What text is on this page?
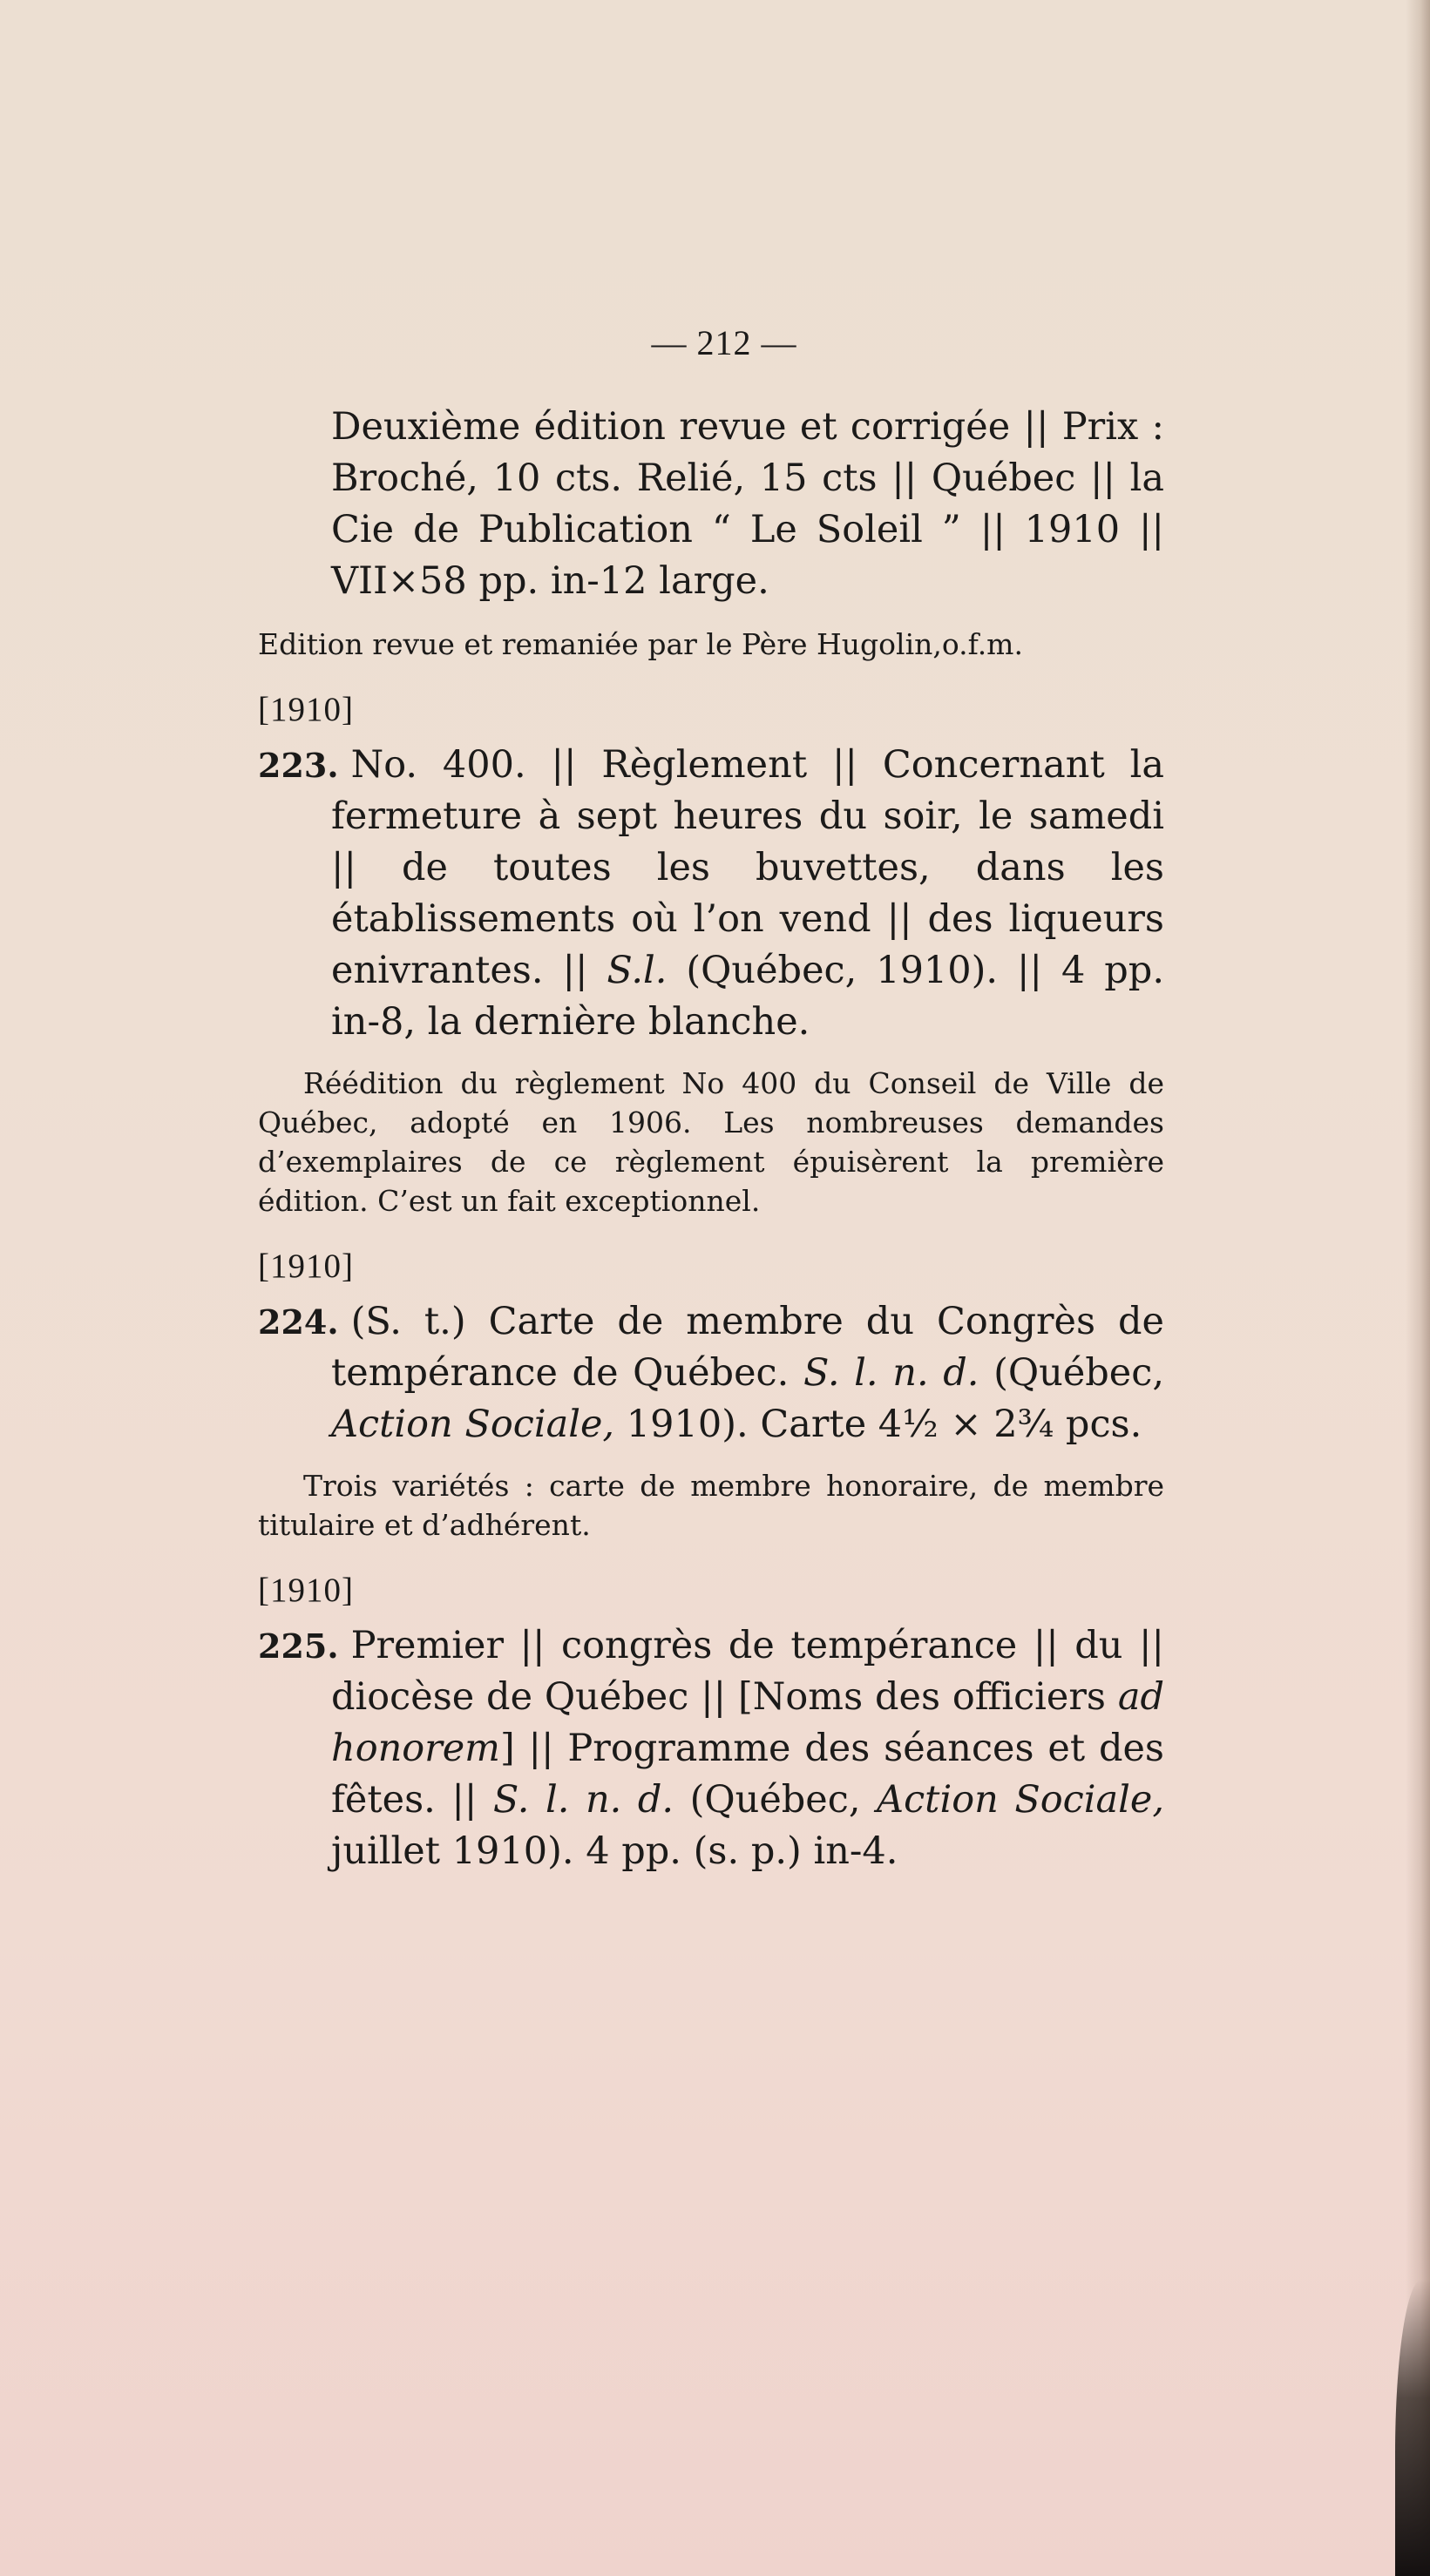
— 212 —
Deuxième édition revue et corrigée || Prix : Broché, 10 cts. Relié, 15 cts || Québec || la Cie de Publication “ Le Soleil ” || 1910 || VII×58 pp. in-12 large.
Edition revue et remaniée par le Père Hugolin,o.f.m.
[1910]
223. No. 400. || Règlement || Concernant la fermeture à sept heures du soir, le samedi || de toutes les buvettes, dans les établissements où l’on vend || des liqueurs enivrantes. || S.l. (Québec, 1910). || 4 pp. in-8, la dernière blanche.
Réédition du règlement No 400 du Conseil de Ville de Québec, adopté en 1906. Les nombreuses demandes d’exemplaires de ce règlement épuisèrent la première édition. C’est un fait exceptionnel.
[1910]
224. (S. t.) Carte de membre du Congrès de tempérance de Québec. S. l. n. d. (Québec, Action Sociale, 1910). Carte 4½ × 2¾ pcs.
Trois variétés : carte de membre honoraire, de membre titulaire et d’adhérent.
[1910]
225. Premier || congrès de tempérance || du || diocèse de Québec || [Noms des officiers ad honorem] || Programme des séances et des fêtes. || S. l. n. d. (Québec, Action Sociale, juillet 1910). 4 pp. (s. p.) in-4.
